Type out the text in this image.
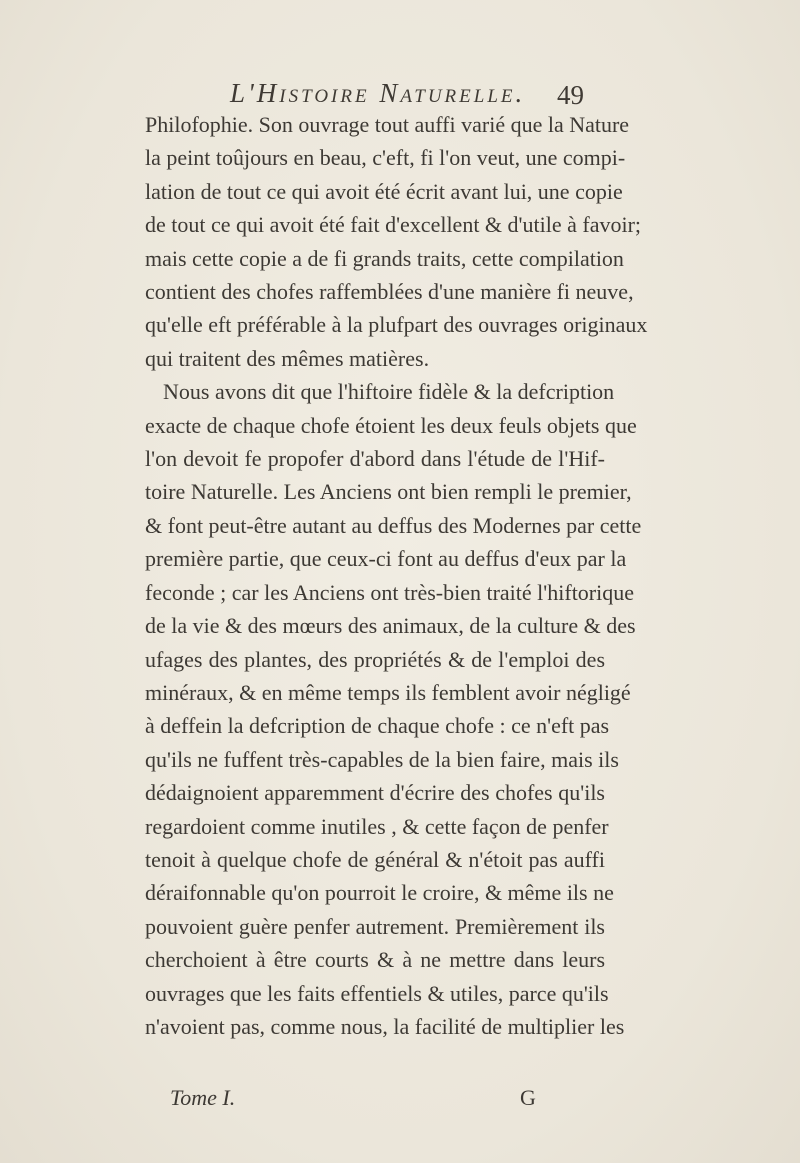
L'Histoire Naturelle. 49
Philofophie. Son ouvrage tout auffi varié que la Nature
la peint toûjours en beau, c'eft, fi l'on veut, une compi-
lation de tout ce qui avoit été écrit avant lui, une copie
de tout ce qui avoit été fait d'excellent & d'utile à favoir;
mais cette copie a de fi grands traits, cette compilation
contient des chofes raffemblées d'une manière fi neuve,
qu'elle eft préférable à la plufpart des ouvrages originaux
qui traitent des mêmes matières.
Nous avons dit que l'hiftoire fidèle & la defcription
exacte de chaque chofe étoient les deux feuls objets que
l'on devoit fe propofer d'abord dans l'étude de l'Hif-
toire Naturelle. Les Anciens ont bien rempli le premier,
& font peut-être autant au deffus des Modernes par cette
première partie, que ceux-ci font au deffus d'eux par la
feconde ; car les Anciens ont très-bien traité l'hiftorique
de la vie & des mœurs des animaux, de la culture & des
ufages des plantes, des propriétés & de l'emploi des
minéraux, & en même temps ils femblent avoir négligé
à deffein la defcription de chaque chofe : ce n'eft pas
qu'ils ne fuffent très-capables de la bien faire, mais ils
dédaignoient apparemment d'écrire des chofes qu'ils
regardoient comme inutiles , & cette façon de penfer
tenoit à quelque chofe de général & n'étoit pas auffi
déraifonnable qu'on pourroit le croire, & même ils ne
pouvoient guère penfer autrement. Premièrement ils
cherchoient à être courts & à ne mettre dans leurs
ouvrages que les faits effentiels & utiles, parce qu'ils
n'avoient pas, comme nous, la facilité de multiplier les
Tome I.	G
